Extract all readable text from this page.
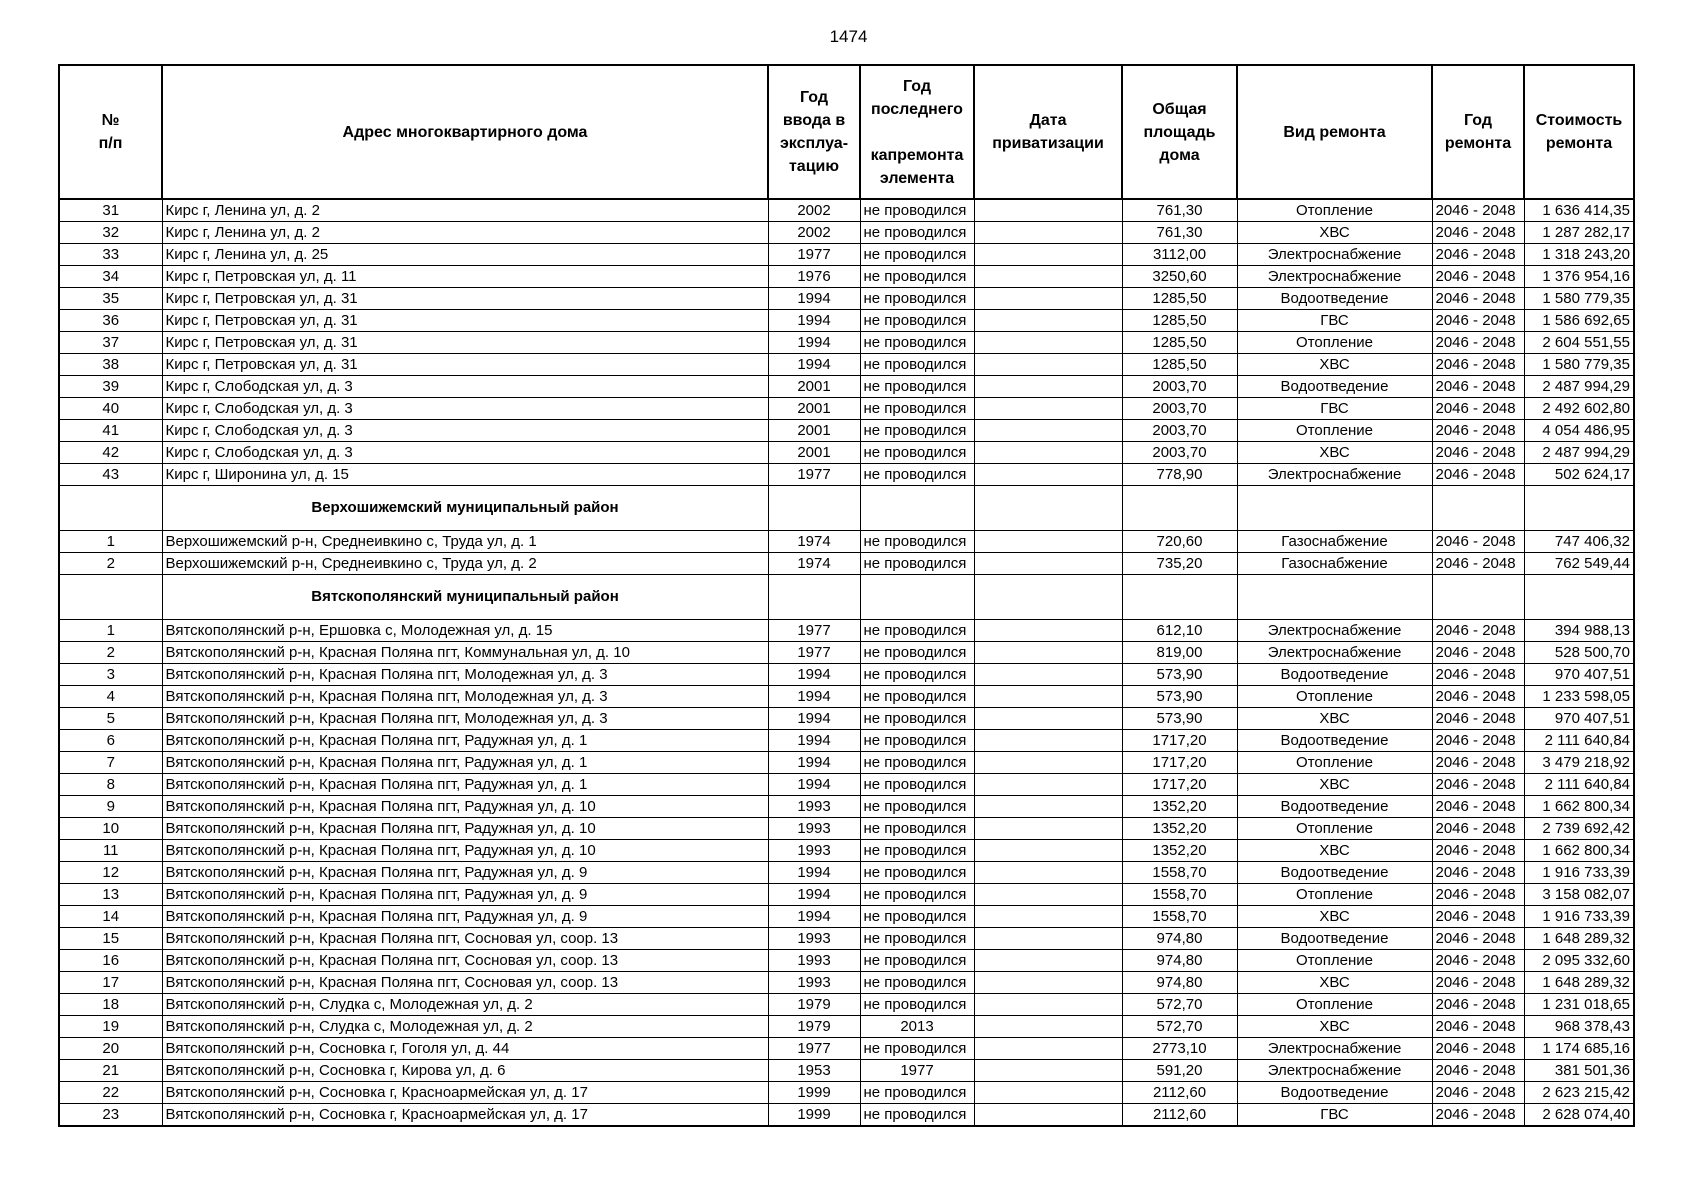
1474
№
п/п	Адрес многоквартирного дома	Год
ввода в
эксплуа-
тацию	Год
последнего

капремонта
элемента	Дата
приватизации	Общая
площадь
дома	Вид ремонта	Год
ремонта	Стоимость
ремонта
31	Кирс г, Ленина ул, д. 2	2002	не проводился		761,30	Отопление	2046 - 2048	1 636 414,35
32	Кирс г, Ленина ул, д. 2	2002	не проводился		761,30	ХВС	2046 - 2048	1 287 282,17
33	Кирс г, Ленина ул, д. 25	1977	не проводился		3112,00	Электроснабжение	2046 - 2048	1 318 243,20
34	Кирс г, Петровская ул, д. 11	1976	не проводился		3250,60	Электроснабжение	2046 - 2048	1 376 954,16
35	Кирс г, Петровская ул, д. 31	1994	не проводился		1285,50	Водоотведение	2046 - 2048	1 580 779,35
36	Кирс г, Петровская ул, д. 31	1994	не проводился		1285,50	ГВС	2046 - 2048	1 586 692,65
37	Кирс г, Петровская ул, д. 31	1994	не проводился		1285,50	Отопление	2046 - 2048	2 604 551,55
38	Кирс г, Петровская ул, д. 31	1994	не проводился		1285,50	ХВС	2046 - 2048	1 580 779,35
39	Кирс г, Слободская ул, д. 3	2001	не проводился		2003,70	Водоотведение	2046 - 2048	2 487 994,29
40	Кирс г, Слободская ул, д. 3	2001	не проводился		2003,70	ГВС	2046 - 2048	2 492 602,80
41	Кирс г, Слободская ул, д. 3	2001	не проводился		2003,70	Отопление	2046 - 2048	4 054 486,95
42	Кирс г, Слободская ул, д. 3	2001	не проводился		2003,70	ХВС	2046 - 2048	2 487 994,29
43	Кирс г, Широнина ул, д. 15	1977	не проводился		778,90	Электроснабжение	2046 - 2048	502 624,17
	Верхошижемский муниципальный район							
1	Верхошижемский р-н, Среднеивкино с, Труда ул, д. 1	1974	не проводился		720,60	Газоснабжение	2046 - 2048	747 406,32
2	Верхошижемский р-н, Среднеивкино с, Труда ул, д. 2	1974	не проводился		735,20	Газоснабжение	2046 - 2048	762 549,44
	Вятскополянский муниципальный район							
1	Вятскополянский р-н, Ершовка с, Молодежная ул, д. 15	1977	не проводился		612,10	Электроснабжение	2046 - 2048	394 988,13
2	Вятскополянский р-н, Красная Поляна пгт, Коммунальная ул, д. 10	1977	не проводился		819,00	Электроснабжение	2046 - 2048	528 500,70
3	Вятскополянский р-н, Красная Поляна пгт, Молодежная ул, д. 3	1994	не проводился		573,90	Водоотведение	2046 - 2048	970 407,51
4	Вятскополянский р-н, Красная Поляна пгт, Молодежная ул, д. 3	1994	не проводился		573,90	Отопление	2046 - 2048	1 233 598,05
5	Вятскополянский р-н, Красная Поляна пгт, Молодежная ул, д. 3	1994	не проводился		573,90	ХВС	2046 - 2048	970 407,51
6	Вятскополянский р-н, Красная Поляна пгт, Радужная ул, д. 1	1994	не проводился		1717,20	Водоотведение	2046 - 2048	2 111 640,84
7	Вятскополянский р-н, Красная Поляна пгт, Радужная ул, д. 1	1994	не проводился		1717,20	Отопление	2046 - 2048	3 479 218,92
8	Вятскополянский р-н, Красная Поляна пгт, Радужная ул, д. 1	1994	не проводился		1717,20	ХВС	2046 - 2048	2 111 640,84
9	Вятскополянский р-н, Красная Поляна пгт, Радужная ул, д. 10	1993	не проводился		1352,20	Водоотведение	2046 - 2048	1 662 800,34
10	Вятскополянский р-н, Красная Поляна пгт, Радужная ул, д. 10	1993	не проводился		1352,20	Отопление	2046 - 2048	2 739 692,42
11	Вятскополянский р-н, Красная Поляна пгт, Радужная ул, д. 10	1993	не проводился		1352,20	ХВС	2046 - 2048	1 662 800,34
12	Вятскополянский р-н, Красная Поляна пгт, Радужная ул, д. 9	1994	не проводился		1558,70	Водоотведение	2046 - 2048	1 916 733,39
13	Вятскополянский р-н, Красная Поляна пгт, Радужная ул, д. 9	1994	не проводился		1558,70	Отопление	2046 - 2048	3 158 082,07
14	Вятскополянский р-н, Красная Поляна пгт, Радужная ул, д. 9	1994	не проводился		1558,70	ХВС	2046 - 2048	1 916 733,39
15	Вятскополянский р-н, Красная Поляна пгт, Сосновая ул, соор. 13	1993	не проводился		974,80	Водоотведение	2046 - 2048	1 648 289,32
16	Вятскополянский р-н, Красная Поляна пгт, Сосновая ул, соор. 13	1993	не проводился		974,80	Отопление	2046 - 2048	2 095 332,60
17	Вятскополянский р-н, Красная Поляна пгт, Сосновая ул, соор. 13	1993	не проводился		974,80	ХВС	2046 - 2048	1 648 289,32
18	Вятскополянский р-н, Слудка с, Молодежная ул, д. 2	1979	не проводился		572,70	Отопление	2046 - 2048	1 231 018,65
19	Вятскополянский р-н, Слудка с, Молодежная ул, д. 2	1979	2013		572,70	ХВС	2046 - 2048	968 378,43
20	Вятскополянский р-н, Сосновка г, Гоголя ул, д. 44	1977	не проводился		2773,10	Электроснабжение	2046 - 2048	1 174 685,16
21	Вятскополянский р-н, Сосновка г, Кирова ул, д. 6	1953	1977		591,20	Электроснабжение	2046 - 2048	381 501,36
22	Вятскополянский р-н, Сосновка г, Красноармейская ул, д. 17	1999	не проводился		2112,60	Водоотведение	2046 - 2048	2 623 215,42
23	Вятскополянский р-н, Сосновка г, Красноармейская ул, д. 17	1999	не проводился		2112,60	ГВС	2046 - 2048	2 628 074,40
